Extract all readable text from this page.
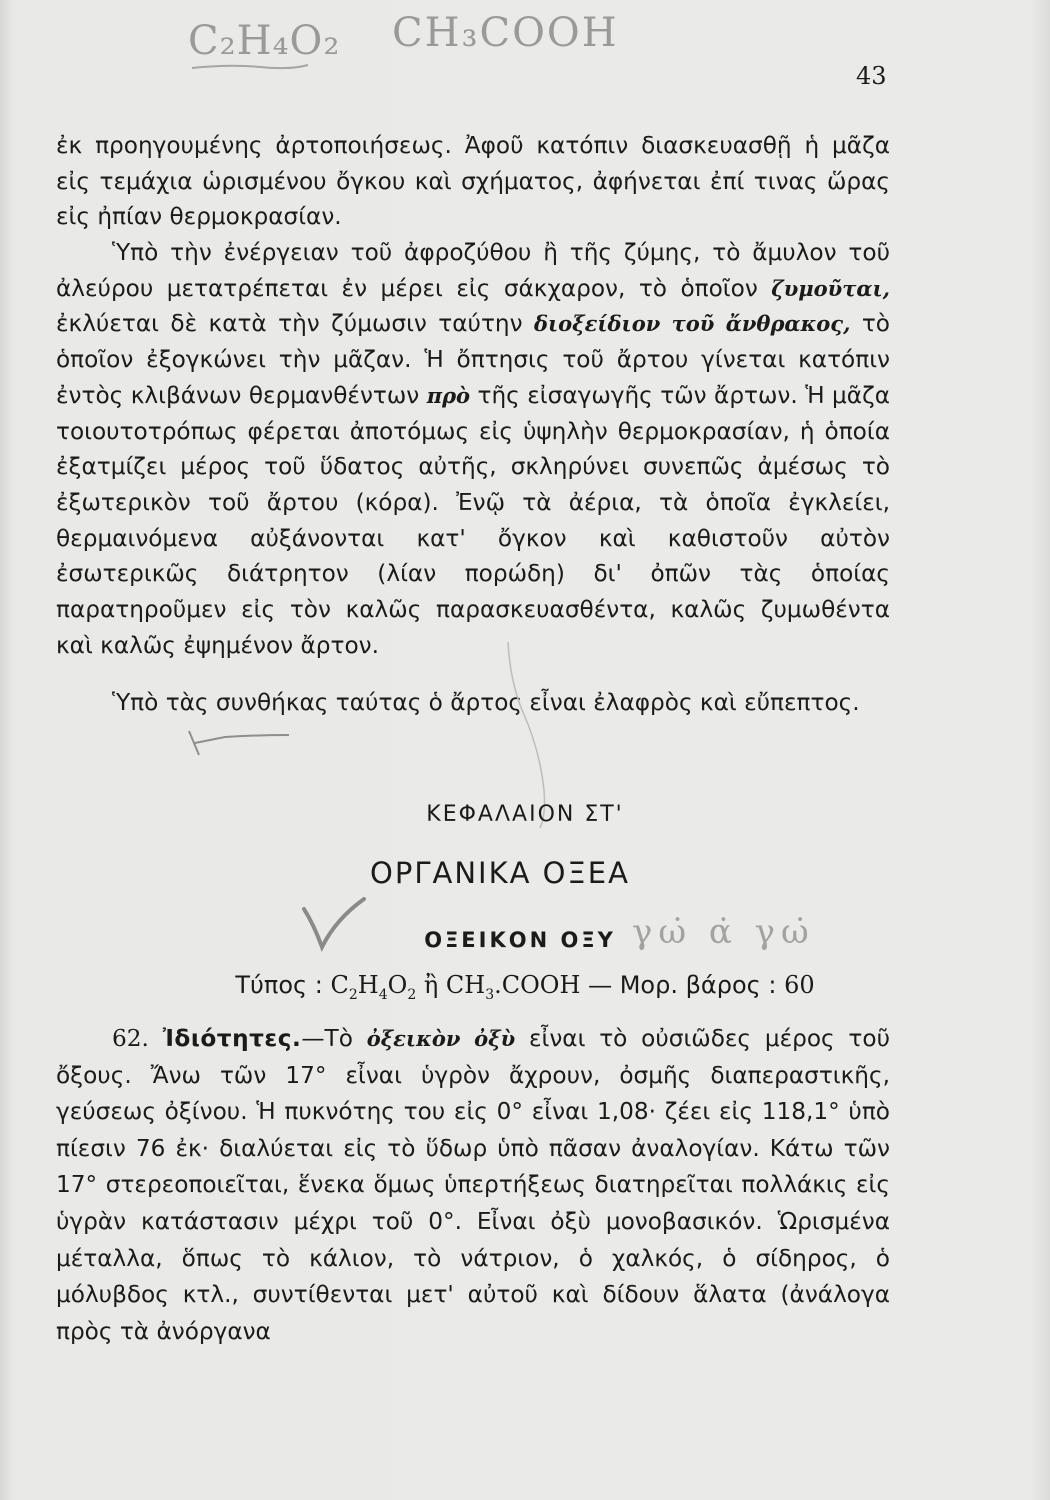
C₂H₄O₂ CH₃COOH
43

ἐκ προηγουμένης ἀρτοποιήσεως. Ἀφοῦ κατόπιν διασκευασθῇ ἡ μᾶζα εἰς τεμάχια ὡρισμένου ὄγκου καὶ σχήματος, ἀφήνεται ἐπί τινας ὥρας εἰς ἠπίαν θερμοκρασίαν.

Ὑπὸ τὴν ἐνέργειαν τοῦ ἀφροζύθου ἢ τῆς ζύμης, τὸ ἄμυλον τοῦ ἀλεύρου μετατρέπεται ἐν μέρει εἰς σάκχαρον, τὸ ὁποῖον ζυμοῦται, ἐκλύεται δὲ κατὰ τὴν ζύμωσιν ταύτην διοξείδιον τοῦ ἄνθρακος, τὸ ὁποῖον ἐξογκώνει τὴν μᾶζαν. Ἡ ὄπτησις τοῦ ἄρτου γίνεται κατόπιν ἐντὸς κλιβάνων θερμανθέντων πρὸ τῆς εἰσαγωγῆς τῶν ἄρτων. Ἡ μᾶζα τοιουτοτρόπως φέρεται ἀποτόμως εἰς ὑψηλὴν θερμοκρασίαν, ἡ ὁποία ἐξατμίζει μέρος τοῦ ὕδατος αὐτῆς, σκληρύνει συνεπῶς ἀμέσως τὸ ἐξωτερικὸν τοῦ ἄρτου (κόρα). Ἐνῷ τὰ ἀέρια, τὰ ὁποῖα ἐγκλείει, θερμαινόμενα αὐξάνονται κατ' ὄγκον καὶ καθιστοῦν αὐτὸν ἐσωτερικῶς διάτρητον (λίαν πορώδη) δι' ὀπῶν τὰς ὁποίας παρατηροῦμεν εἰς τὸν καλῶς παρασκευασθέντα, καλῶς ζυμωθέντα καὶ καλῶς ἐψημένον ἄρτον.

Ὑπὸ τὰς συνθήκας ταύτας ὁ ἄρτος εἶναι ἐλαφρὸς καὶ εὔπεπτος.

ΚΕΦΑΛΑΙΟΝ ΣΤ'
ΟΡΓΑΝΙΚΑ ΟΞΕΑ
ΟΞΕΙΚΟΝ ΟΞΥ γω̇ α̇ γω̇
Τύπος : $C_2H_4O_2$ ἢ $CH_3.COOH$ — Μορ. βάρος : 60

62. Ἰδιότητες.—Τὸ ὀξεικὸν ὀξὺ εἶναι τὸ οὐσιῶδες μέρος τοῦ ὄξους. Ἄνω τῶν 17° εἶναι ὑγρὸν ἄχρουν, ὀσμῆς διαπεραστικῆς, γεύσεως ὀξίνου. Ἡ πυκνότης του εἰς 0° εἶναι 1,08· ζέει εἰς 118,1° ὑπὸ πίεσιν 76 ἐκ· διαλύεται εἰς τὸ ὕδωρ ὑπὸ πᾶσαν ἀναλογίαν. Κάτω τῶν 17° στερεοποιεῖται, ἕνεκα ὅμως ὑπερτήξεως διατηρεῖται πολλάκις εἰς ὑγρὰν κατάστασιν μέχρι τοῦ 0°. Εἶναι ὀξὺ μονοβασικόν. Ὡρισμένα μέταλλα, ὅπως τὸ κάλιον, τὸ νάτριον, ὁ χαλκός, ὁ σίδηρος, ὁ μόλυβδος κτλ., συντίθενται μετ' αὐτοῦ καὶ δίδουν ἅλατα (ἀνάλογα πρὸς τὰ ἀνόργανα
